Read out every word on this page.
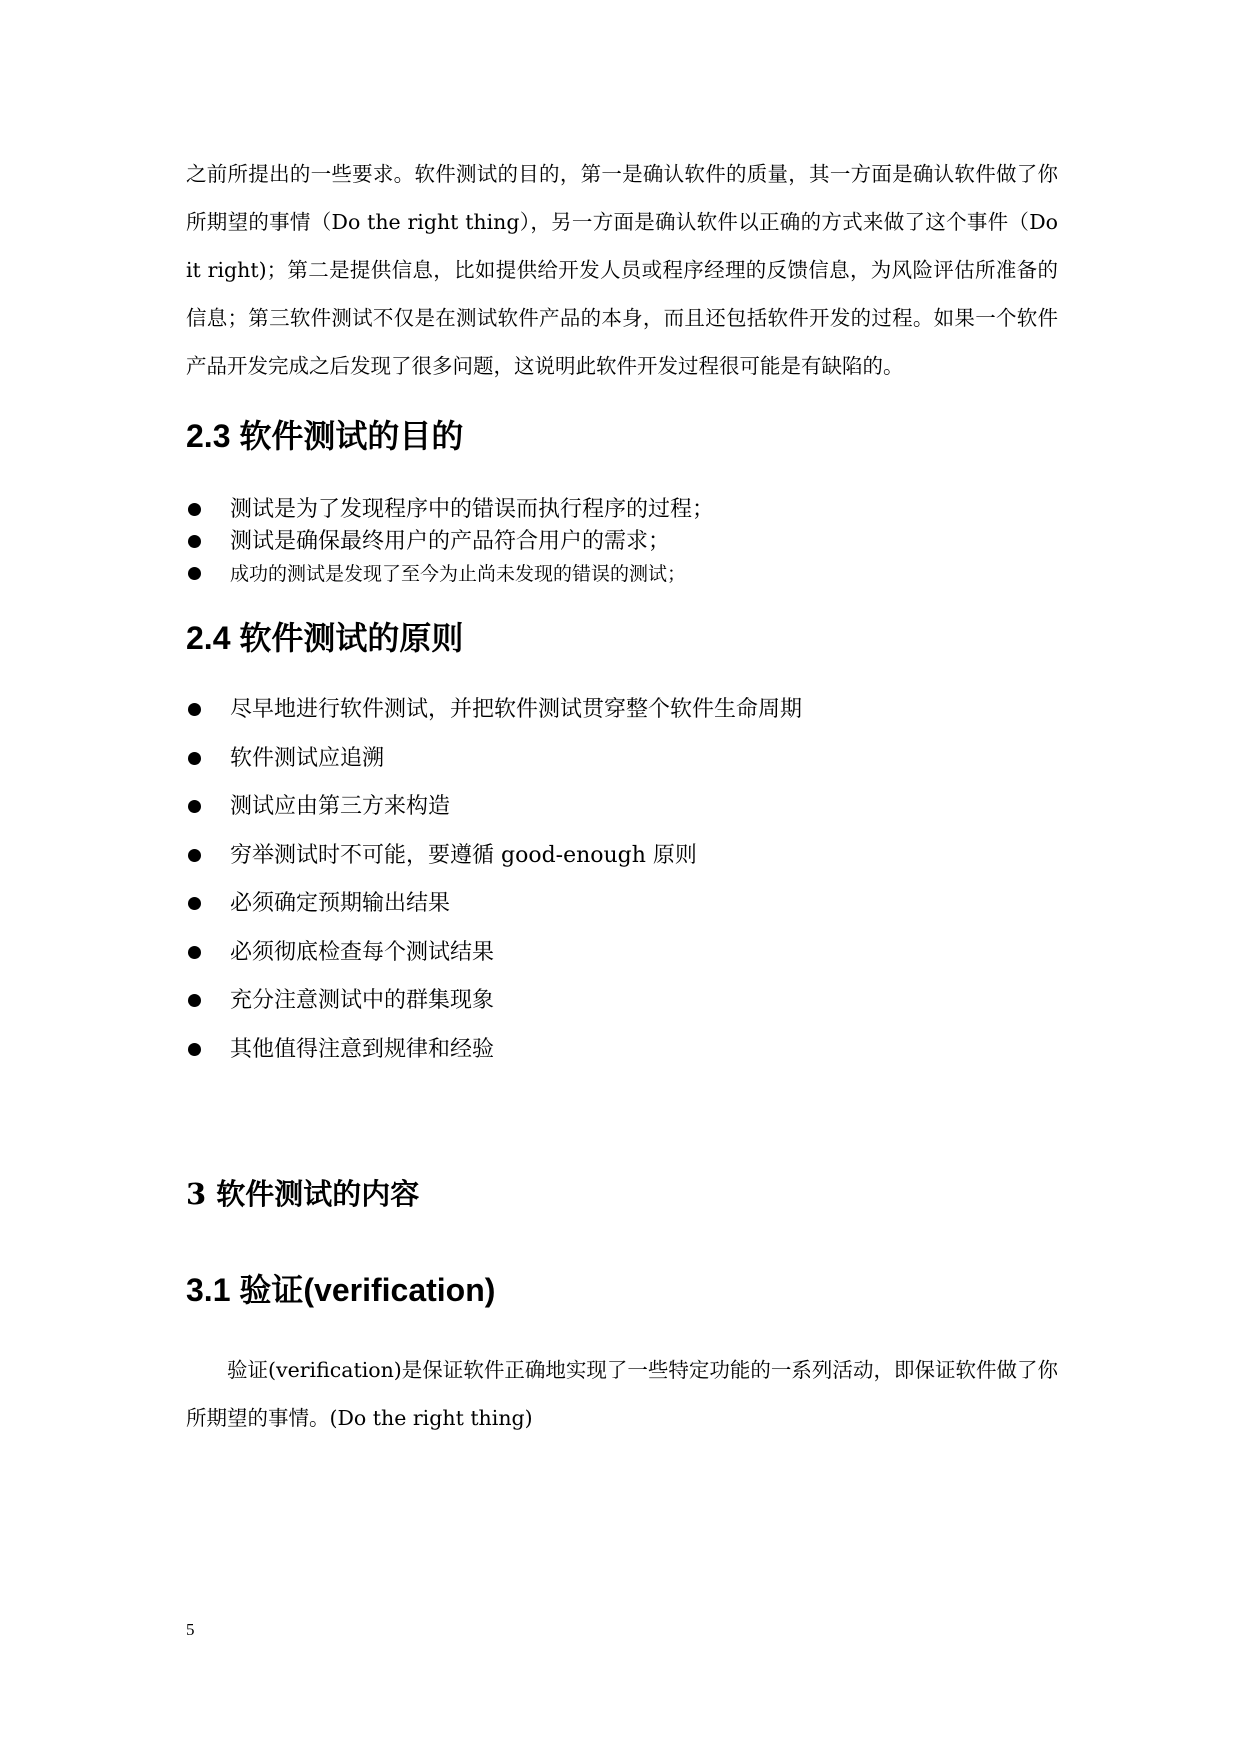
之前所提出的一些要求。软件测试的目的，第一是确认软件的质量，其一方面是确认软件做了你所期望的事情（Do the right thing），另一方面是确认软件以正确的方式来做了这个事件（Do it right)；第二是提供信息，比如提供给开发人员或程序经理的反馈信息，为风险评估所准备的信息；第三软件测试不仅是在测试软件产品的本身，而且还包括软件开发的过程。如果一个软件产品开发完成之后发现了很多问题，这说明此软件开发过程很可能是有缺陷的。

2.3 软件测试的目的
测试是为了发现程序中的错误而执行程序的过程；
测试是确保最终用户的产品符合用户的需求；
成功的测试是发现了至今为止尚未发现的错误的测试；
2.4 软件测试的原则
尽早地进行软件测试，并把软件测试贯穿整个软件生命周期
软件测试应追溯
测试应由第三方来构造
穷举测试时不可能，要遵循 good-enough 原则
必须确定预期输出结果
必须彻底检查每个测试结果
充分注意测试中的群集现象
其他值得注意到规律和经验
3 软件测试的内容
3.1 验证(verification)

验证(verification)是保证软件正确地实现了一些特定功能的一系列活动，即保证软件做了你所期望的事情。(Do the right thing)

5
